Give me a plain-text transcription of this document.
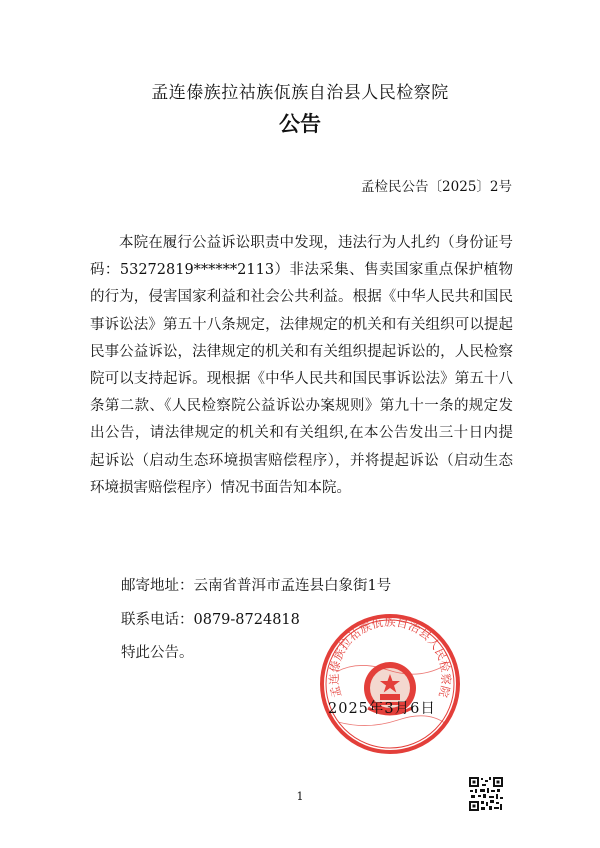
孟连傣族拉祜族佤族自治县人民检察院
公告
孟检民公告〔2025〕2号
本院在履行公益诉讼职责中发现，违法行为人扎约（身份证号码：53272819******2113）非法采集、售卖国家重点保护植物的行为，侵害国家利益和社会公共利益。根据《中华人民共和国民事诉讼法》第五十八条规定，法律规定的机关和有关组织可以提起民事公益诉讼，法律规定的机关和有关组织提起诉讼的，人民检察院可以支持起诉。现根据《中华人民共和国民事诉讼法》第五十八条第二款、《人民检察院公益诉讼办案规则》第九十一条的规定发出公告，请法律规定的机关和有关组织,在本公告发出三十日内提起诉讼（启动生态环境损害赔偿程序），并将提起诉讼（启动生态环境损害赔偿程序）情况书面告知本院。
邮寄地址：云南省普洱市孟连县白象街1号
联系电话：0879-8724818
特此公告。
孟连傣族拉祜族佤族自治县人民检察院
2025年3月6日
1
